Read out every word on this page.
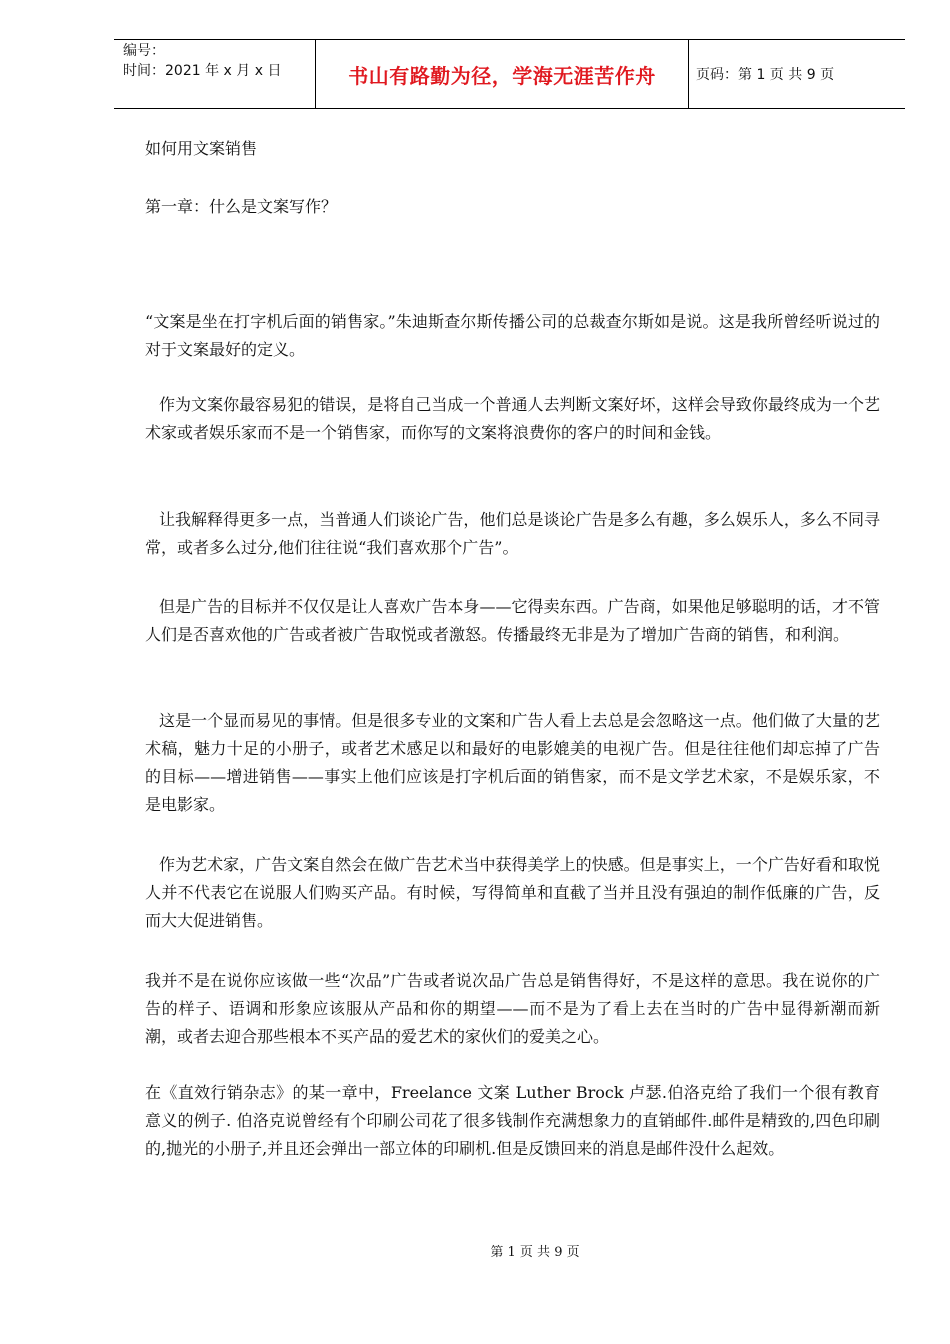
编号：
时间：2021 年 x 月 x 日	书山有路勤为径，学海无涯苦作舟	页码：第 1 页 共 9 页

如何用文案销售

第一章：什么是文案写作？

“文案是坐在打字机后面的销售家。”朱迪斯查尔斯传播公司的总裁查尔斯如是说。这是我所曾经听说过的对于文案最好的定义。

作为文案你最容易犯的错误，是将自己当成一个普通人去判断文案好坏，这样会导致你最终成为一个艺术家或者娱乐家而不是一个销售家，而你写的文案将浪费你的客户的时间和金钱。

让我解释得更多一点，当普通人们谈论广告，他们总是谈论广告是多么有趣，多么娱乐人，多么不同寻常，或者多么过分,他们往往说“我们喜欢那个广告”。

但是广告的目标并不仅仅是让人喜欢广告本身——它得卖东西。广告商，如果他足够聪明的话，才不管人们是否喜欢他的广告或者被广告取悦或者激怒。传播最终无非是为了增加广告商的销售，和利润。

这是一个显而易见的事情。但是很多专业的文案和广告人看上去总是会忽略这一点。他们做了大量的艺术稿，魅力十足的小册子，或者艺术感足以和最好的电影媲美的电视广告。但是往往他们却忘掉了广告的目标——增进销售——事实上他们应该是打字机后面的销售家，而不是文学艺术家，不是娱乐家，不是电影家。

作为艺术家，广告文案自然会在做广告艺术当中获得美学上的快感。但是事实上，一个广告好看和取悦人并不代表它在说服人们购买产品。有时候，写得简单和直截了当并且没有强迫的制作低廉的广告，反而大大促进销售。

我并不是在说你应该做一些“次品”广告或者说次品广告总是销售得好，不是这样的意思。我在说你的广告的样子、语调和形象应该服从产品和你的期望——而不是为了看上去在当时的广告中显得新潮而新潮，或者去迎合那些根本不买产品的爱艺术的家伙们的爱美之心。

在《直效行销杂志》的某一章中，Freelance 文案 Luther Brock 卢瑟.伯洛克给了我们一个很有教育意义的例子. 伯洛克说曾经有个印刷公司花了很多钱制作充满想象力的直销邮件.邮件是精致的,四色印刷的,抛光的小册子,并且还会弹出一部立体的印刷机.但是反馈回来的消息是邮件没什么起效。

第 1 页 共 9 页
